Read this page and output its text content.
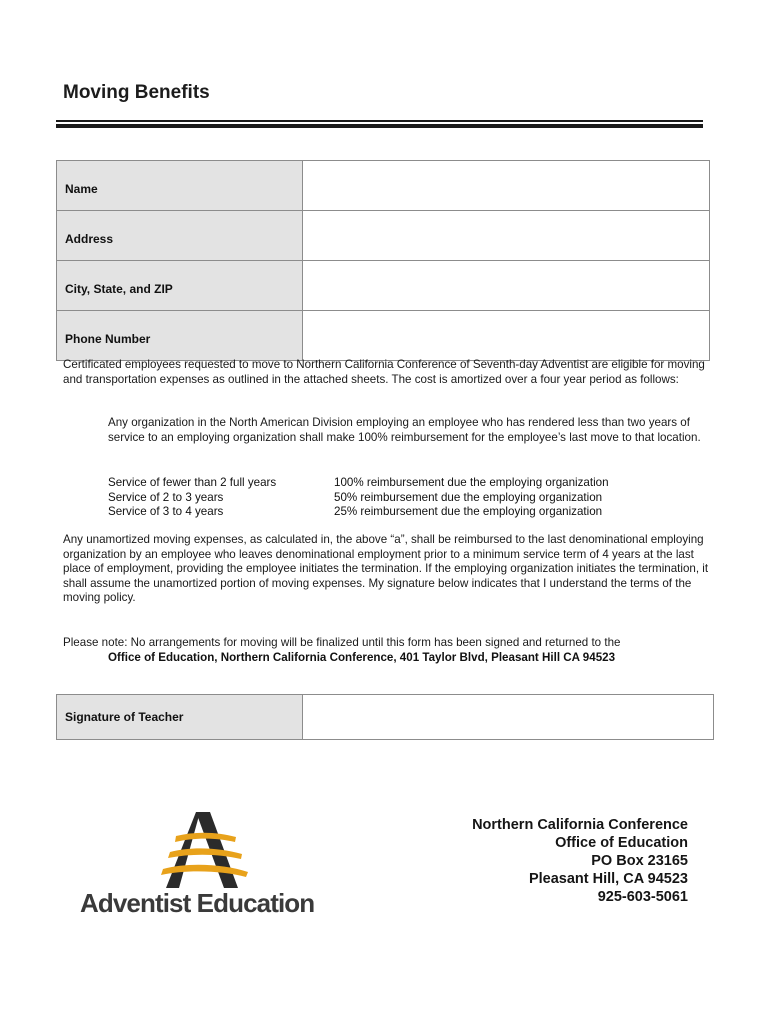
Moving Benefits
Name	
Address	
City, State, and ZIP	
Phone Number	
Certificated employees requested to move to Northern California Conference of Seventh-day Adventist are eligible for moving and transportation expenses as outlined in the attached sheets. The cost is amortized over a four year period as follows:
Any organization in the North American Division employing an employee who has rendered less than two years of service to an employing organization shall make 100% reimbursement for the employee’s last move to that location.
Service of fewer than 2 full years	100% reimbursement due the employing organization
Service of 2 to 3 years	50% reimbursement due the employing organization
Service of 3 to 4 years	25% reimbursement due the employing organization
Any unamortized moving expenses, as calculated in, the above “a”, shall be reimbursed to the last denominational employing organization by an employee who leaves denominational employment prior to a minimum service term of 4 years at the last place of employment, providing the employee initiates the termination. If the employing organization initiates the termination, it shall assume the unamortized portion of moving expenses. My signature below indicates that I understand the terms of the moving policy.
Please note: No arrangements for moving will be finalized until this form has been signed and returned to the
Office of Education, Northern California Conference, 401 Taylor Blvd, Pleasant Hill CA 94523
Signature of Teacher	
Adventist Education
Northern California Conference
Office of Education
PO Box 23165
Pleasant Hill, CA 94523
925-603-5061
